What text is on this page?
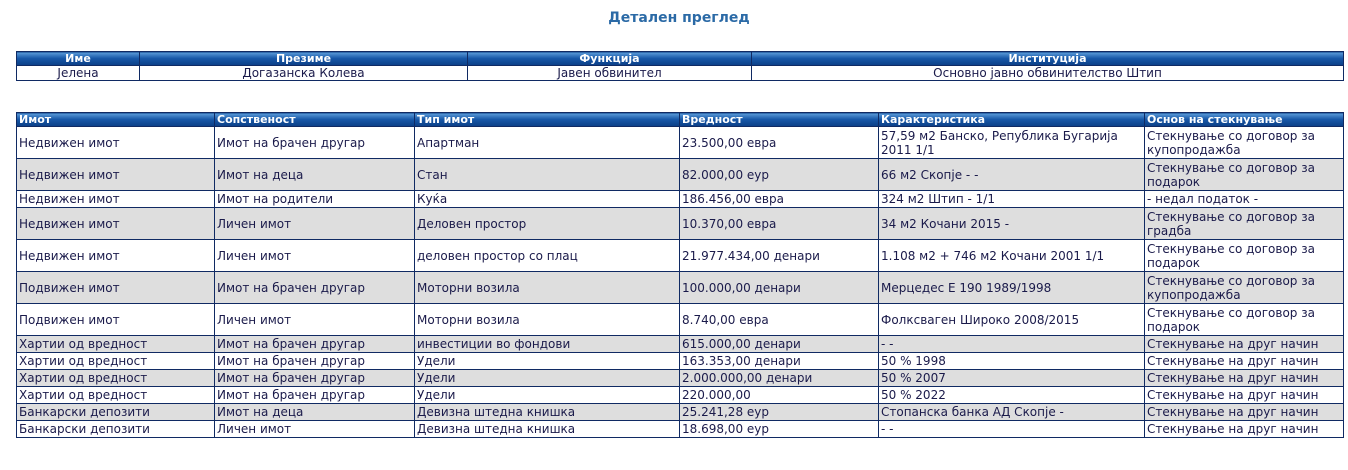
Детален преглед
Име	Презиме	Функција	Институција
Јелена	Догазанска Колева	Јавен обвинител	Основно јавно обвинителство Штип
Имот	Сопственост	Тип имот	Вредност	Карактеристика	Основ на стекнување
Недвижен имот	Имот на брачен другар	Апартман	23.500,00 евра	57,59 м2 Банско, Република Бугарија 2011 1/1	Стекнување со договор за купопродажба
Недвижен имот	Имот на деца	Стан	82.000,00 еур	66 м2 Скопје - -	Стекнување со договор за подарок
Недвижен имот	Имот на родители	Куќа	186.456,00 евра	324 м2 Штип - 1/1	- недал податок -
Недвижен имот	Личен имот	Деловен простор	10.370,00 евра	34 м2 Кочани 2015 -	Стекнување со договор за градба
Недвижен имот	Личен имот	деловен простор со плац	21.977.434,00 денари	1.108 м2 + 746 м2 Кочани 2001 1/1	Стекнување со договор за подарок
Подвижен имот	Имот на брачен другар	Моторни возила	100.000,00 денари	Мерцедес Е 190 1989/1998	Стекнување со договор за купопродажба
Подвижен имот	Личен имот	Моторни возила	8.740,00 евра	Фолксваген Широко 2008/2015	Стекнување со договор за подарок
Хартии од вредност	Имот на брачен другар	инвестиции во фондови	615.000,00 денари	- -	Стекнување на друг начин
Хартии од вредност	Имот на брачен другар	Удели	163.353,00 денари	50 % 1998	Стекнување на друг начин
Хартии од вредност	Имот на брачен другар	Удели	2.000.000,00 денари	50 % 2007	Стекнување на друг начин
Хартии од вредност	Имот на брачен другар	Удели	220.000,00	50 % 2022	Стекнување на друг начин
Банкарски депозити	Имот на деца	Девизна штедна книшка	25.241,28 еур	Стопанска банка АД Скопје -	Стекнување на друг начин
Банкарски депозити	Личен имот	Девизна штедна книшка	18.698,00 еур	- -	Стекнување на друг начин
